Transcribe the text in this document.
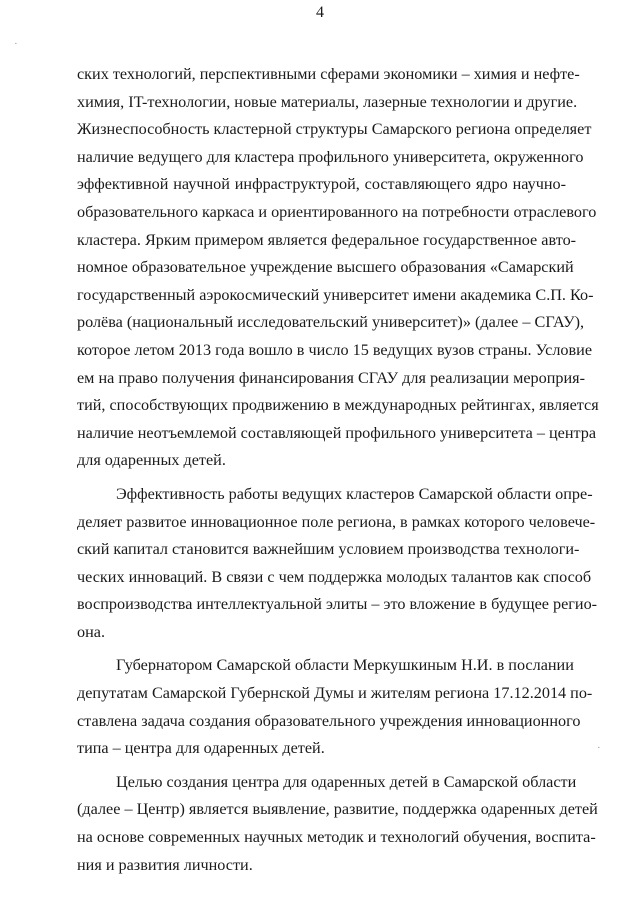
4
·
·
ских технологий, перспективными сферами экономики – химия и нефте-
химия, IT-технологии, новые материалы, лазерные технологии и другие.
Жизнеспособность кластерной структуры Самарского региона определяет
наличие ведущего для кластера профильного университета, окруженного
эффективной научной инфраструктурой, составляющего ядро научно-
образовательного каркаса и ориентированного на потребности отраслевого
кластера. Ярким примером является федеральное государственное авто-
номное образовательное учреждение высшего образования «Самарский
государственный аэрокосмический университет имени академика С.П. Ко-
ролёва (национальный исследовательский университет)» (далее – СГАУ),
которое летом 2013 года вошло в число 15 ведущих вузов страны. Условие
ем на право получения финансирования СГАУ для реализации мероприя-
тий, способствующих продвижению в международных рейтингах, является
наличие неотъемлемой составляющей профильного университета – центра
для одаренных детей.
Эффективность работы ведущих кластеров Самарской области опре-
деляет развитое инновационное поле региона, в рамках которого человече-
ский капитал становится важнейшим условием производства технологи-
ческих инноваций. В связи с чем поддержка молодых талантов как способ
воспроизводства интеллектуальной элиты – это вложение в будущее регио-
она.
Губернатором Самарской области Меркушкиным Н.И. в послании
депутатам Самарской Губернской Думы и жителям региона 17.12.2014 по-
ставлена задача создания образовательного учреждения инновационного
типа – центра для одаренных детей.
Целью создания центра для одаренных детей в Самарской области
(далее – Центр) является выявление, развитие, поддержка одаренных детей
на основе современных научных методик и технологий обучения, воспита-
ния и развития личности.
